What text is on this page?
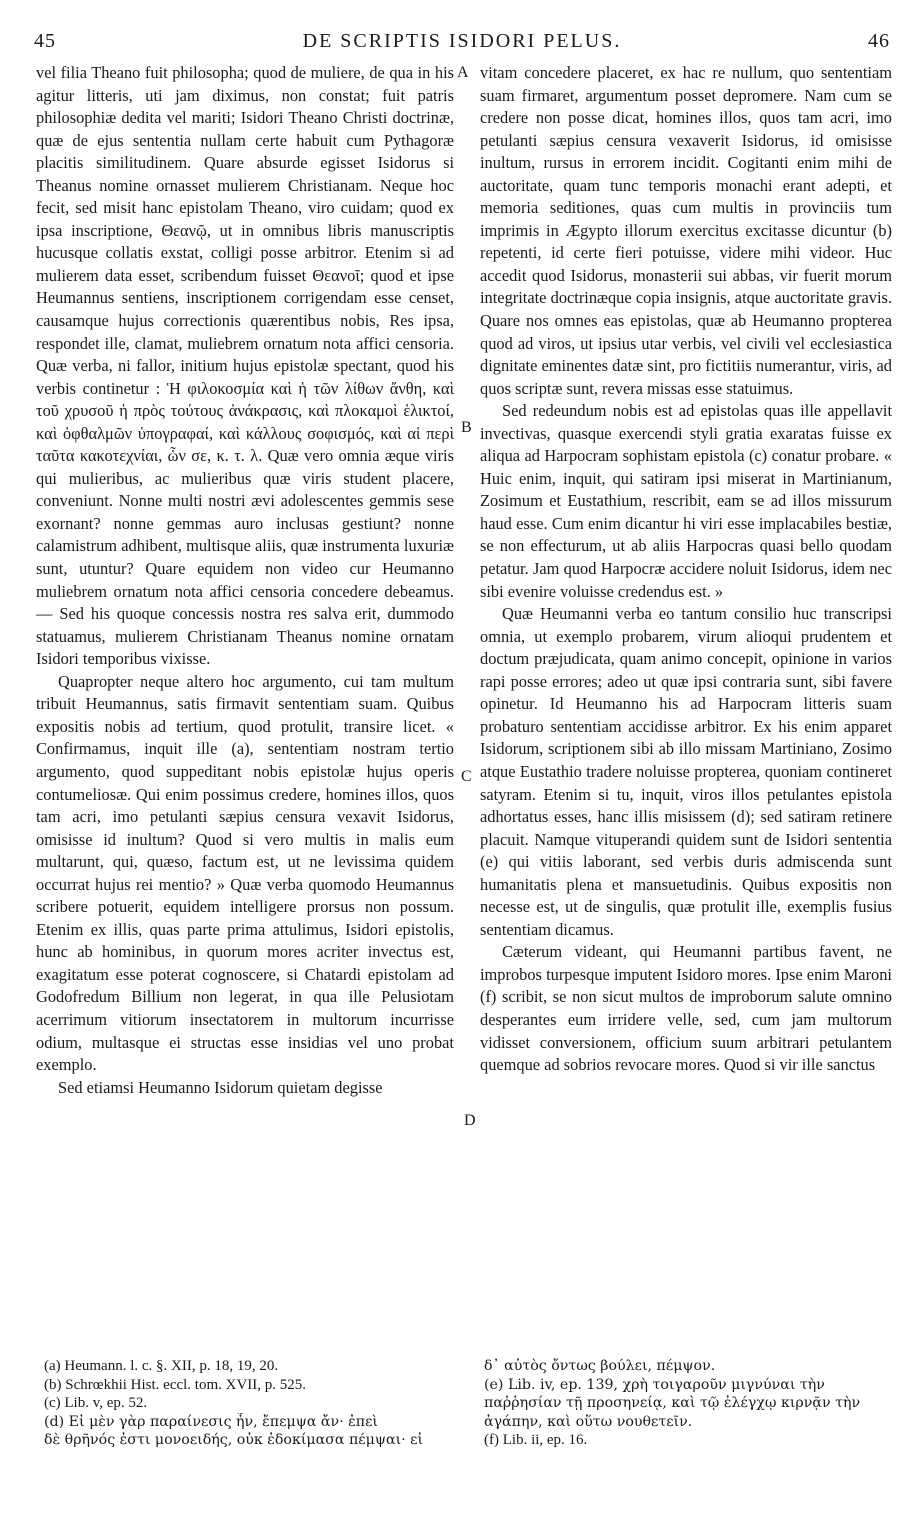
45	DE SCRIPTIS ISIDORI PELUS.	46

vel filia Theano fuit philosopha; quod de muliere, de qua in his agitur litteris, uti jam diximus, non constat; fuit patris philosophiæ dedita vel mariti; Isidori Theano Christi doctrinæ, quæ de ejus sententia nullam certe habuit cum Pythagoræ placitis similitudinem. Quare absurde egisset Isidorus si Theanus nomine ornasset mulierem Christianam. Neque hoc fecit, sed misit hanc epistolam Theano, viro cuidam; quod ex ipsa inscriptione, Θεανῷ, ut in omnibus libris manuscriptis hucusque collatis exstat, colligi posse arbitror. Etenim si ad mulierem data esset, scribendum fuisset Θεανοῖ; quod et ipse Heumannus sentiens, inscriptionem corrigendam esse censet, causamque hujus correctionis quærentibus nobis, Res ipsa, respondet ille, clamat, muliebrem ornatum nota affici censoria. Quæ verba, ni fallor, initium hujus epistolæ spectant, quod his verbis continetur : Ἡ φιλοκοσμία καὶ ἡ τῶν λίθων ἄνθη, καὶ τοῦ χρυσοῦ ἡ πρὸς τούτους ἀνάκρασις, καὶ πλοκαμοὶ ἑλικτοί, καὶ ὀφθαλμῶν ὑπογραφαί, καὶ κάλλους σοφισμός, καὶ αἱ περὶ ταῦτα κακοτεχνίαι, ὧν σε, κ. τ. λ. Quæ vero omnia æque viris qui mulieribus, ac mulieribus quæ viris student placere, conveniunt. Nonne multi nostri ævi adolescentes gemmis sese exornant? nonne gemmas auro inclusas gestiunt? nonne calamistrum adhibent, multisque aliis, quæ instrumenta luxuriæ sunt, utuntur? Quare equidem non video cur Heumanno muliebrem ornatum nota affici censoria concedere debeamus. — Sed his quoque concessis nostra res salva erit, dummodo statuamus, mulierem Christianam Theanus nomine ornatam Isidori temporibus vixisse.

Quapropter neque altero hoc argumento, cui tam multum tribuit Heumannus, satis firmavit sententiam suam. Quibus expositis nobis ad tertium, quod protulit, transire licet. « Confirmamus, inquit ille (a), sententiam nostram tertio argumento, quod suppeditant nobis epistolæ hujus operis contumeliosæ. Qui enim possimus credere, homines illos, quos tam acri, imo petulanti sæpius censura vexavit Isidorus, omisisse id inultum? Quod si vero multis in malis eum multarunt, qui, quæso, factum est, ut ne levissima quidem occurrat hujus rei mentio? » Quæ verba quomodo Heumannus scribere potuerit, equidem intelligere prorsus non possum. Etenim ex illis, quas parte prima attulimus, Isidori epistolis, hunc ab hominibus, in quorum mores acriter invectus est, exagitatum esse poterat cognoscere, si Chatardi epistolam ad Godofredum Billium non legerat, in qua ille Pelusiotam acerrimum vitiorum insectatorem in multorum incurrisse odium, multasque ei structas esse insidias vel uno probat exemplo.

Sed etiamsi Heumanno Isidorum quietam degisse

A
B
C
D

vitam concedere placeret, ex hac re nullum, quo sententiam suam firmaret, argumentum posset depromere. Nam cum se credere non posse dicat, homines illos, quos tam acri, imo petulanti sæpius censura vexaverit Isidorus, id omisisse inultum, rursus in errorem incidit. Cogitanti enim mihi de auctoritate, quam tunc temporis monachi erant adepti, et memoria seditiones, quas cum multis in provinciis tum imprimis in Ægypto illorum exercitus excitasse dicuntur (b) repetenti, id certe fieri potuisse, videre mihi videor. Huc accedit quod Isidorus, monasterii sui abbas, vir fuerit morum integritate doctrinæque copia insignis, atque auctoritate gravis. Quare nos omnes eas epistolas, quæ ab Heumanno propterea quod ad viros, ut ipsius utar verbis, vel civili vel ecclesiastica dignitate eminentes datæ sint, pro fictitiis numerantur, viris, ad quos scriptæ sunt, revera missas esse statuimus.

Sed redeundum nobis est ad epistolas quas ille appellavit invectivas, quasque exercendi styli gratia exaratas fuisse ex aliqua ad Harpocram sophistam epistola (c) conatur probare. « Huic enim, inquit, qui satiram ipsi miserat in Martinianum, Zosimum et Eustathium, rescribit, eam se ad illos missurum haud esse. Cum enim dicantur hi viri esse implacabiles bestiæ, se non effecturum, ut ab aliis Harpocras quasi bello quodam petatur. Jam quod Harpocræ accidere noluit Isidorus, idem nec sibi evenire voluisse credendus est. »

Quæ Heumanni verba eo tantum consilio huc transcripsi omnia, ut exemplo probarem, virum alioqui prudentem et doctum præjudicata, quam animo concepit, opinione in varios rapi posse errores; adeo ut quæ ipsi contraria sunt, sibi favere opinetur. Id Heumanno his ad Harpocram litteris suam probaturo sententiam accidisse arbitror. Ex his enim apparet Isidorum, scriptionem sibi ab illo missam Martiniano, Zosimo atque Eustathio tradere noluisse propterea, quoniam contineret satyram. Etenim si tu, inquit, viros illos petulantes epistola adhortatus esses, hanc illis misissem (d); sed satiram retinere placuit. Namque vituperandi quidem sunt de Isidori sententia (e) qui vitiis laborant, sed verbis duris admiscenda sunt humanitatis plena et mansuetudinis. Quibus expositis non necesse est, ut de singulis, quæ protulit ille, exemplis fusius sententiam dicamus.

Cæterum videant, qui Heumanni partibus favent, ne improbos turpesque imputent Isidoro mores. Ipse enim Maroni (f) scribit, se non sicut multos de improborum salute omnino desperantes eum irridere velle, sed, cum jam multorum vidisset conversionem, officium suum arbitrari petulantem quemque ad sobrios revocare mores. Quod si vir ille sanctus

(a) Heumann. l. c. §. XII, p. 18, 19, 20.
(b) Schrœkhii Hist. eccl. tom. XVII, p. 525.
(c) Lib. v, ep. 52.
(d) Εἰ μὲν γὰρ παραίνεσις ἦν, ἔπεμψα ἄν· ἐπεὶ
δὲ θρῆνός ἐστι μονοειδής, οὐκ ἐδοκίμασα πέμψαι· εἰ
δ᾽ αὐτὸς ὄντως βούλει, πέμψον.
(e) Lib. iv, ep. 139, χρὴ τοιγαροῦν μιγνύναι τὴν
παῤῥησίαν τῇ προσηνείᾳ, καὶ τῷ ἐλέγχῳ κιρνᾷν τὴν
ἀγάπην, καὶ οὕτω νουθετεῖν.
(f) Lib. ii, ep. 16.
